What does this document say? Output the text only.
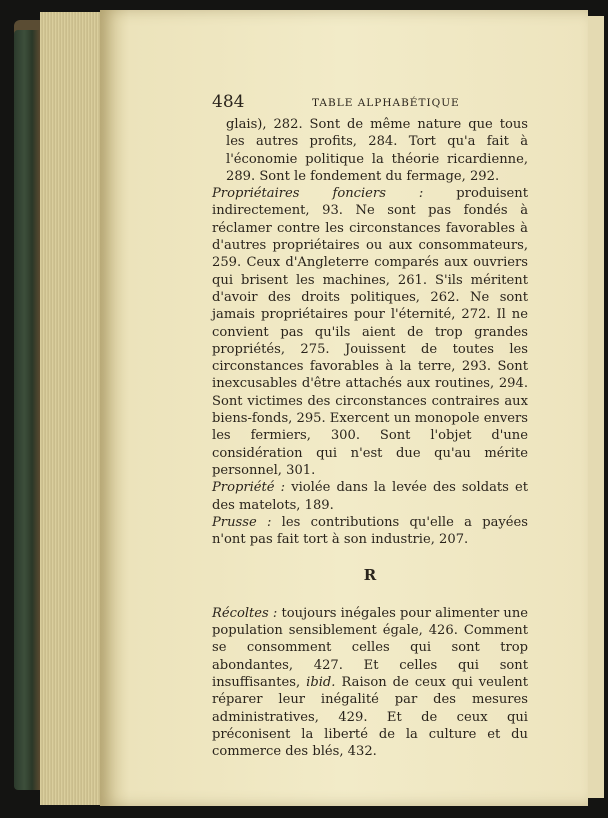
484	TABLE ALPHABÉTIQUE

glais), 282. Sont de même nature que tous les autres profits, 284. Tort qu'a fait à l'économie politique la théorie ricardienne, 289. Sont le fondement du fermage, 292.

Propriétaires fonciers : produisent indirectement, 93. Ne sont pas fondés à réclamer contre les circonstances favorables à d'autres propriétaires ou aux consommateurs, 259. Ceux d'Angleterre comparés aux ouvriers qui brisent les machines, 261. S'ils méritent d'avoir des droits politiques, 262. Ne sont jamais propriétaires pour l'éternité, 272. Il ne convient pas qu'ils aient de trop grandes propriétés, 275. Jouissent de toutes les circonstances favorables à la terre, 293. Sont inexcusables d'être attachés aux routines, 294. Sont victimes des circonstances contraires aux biens-fonds, 295. Exercent un monopole envers les fermiers, 300. Sont l'objet d'une considération qui n'est due qu'au mérite personnel, 301.

Propriété : violée dans la levée des soldats et des matelots, 189.

Prusse : les contributions qu'elle a payées n'ont pas fait tort à son industrie, 207.

R

Récoltes : toujours inégales pour alimenter une population sensiblement égale, 426. Comment se consomment celles qui sont trop abondantes, 427. Et celles qui sont insuffisantes, ibid. Raison de ceux qui veulent réparer leur inégalité par des mesures administratives, 429. Et de ceux qui préconisent la liberté de la culture et du commerce des blés, 432.
